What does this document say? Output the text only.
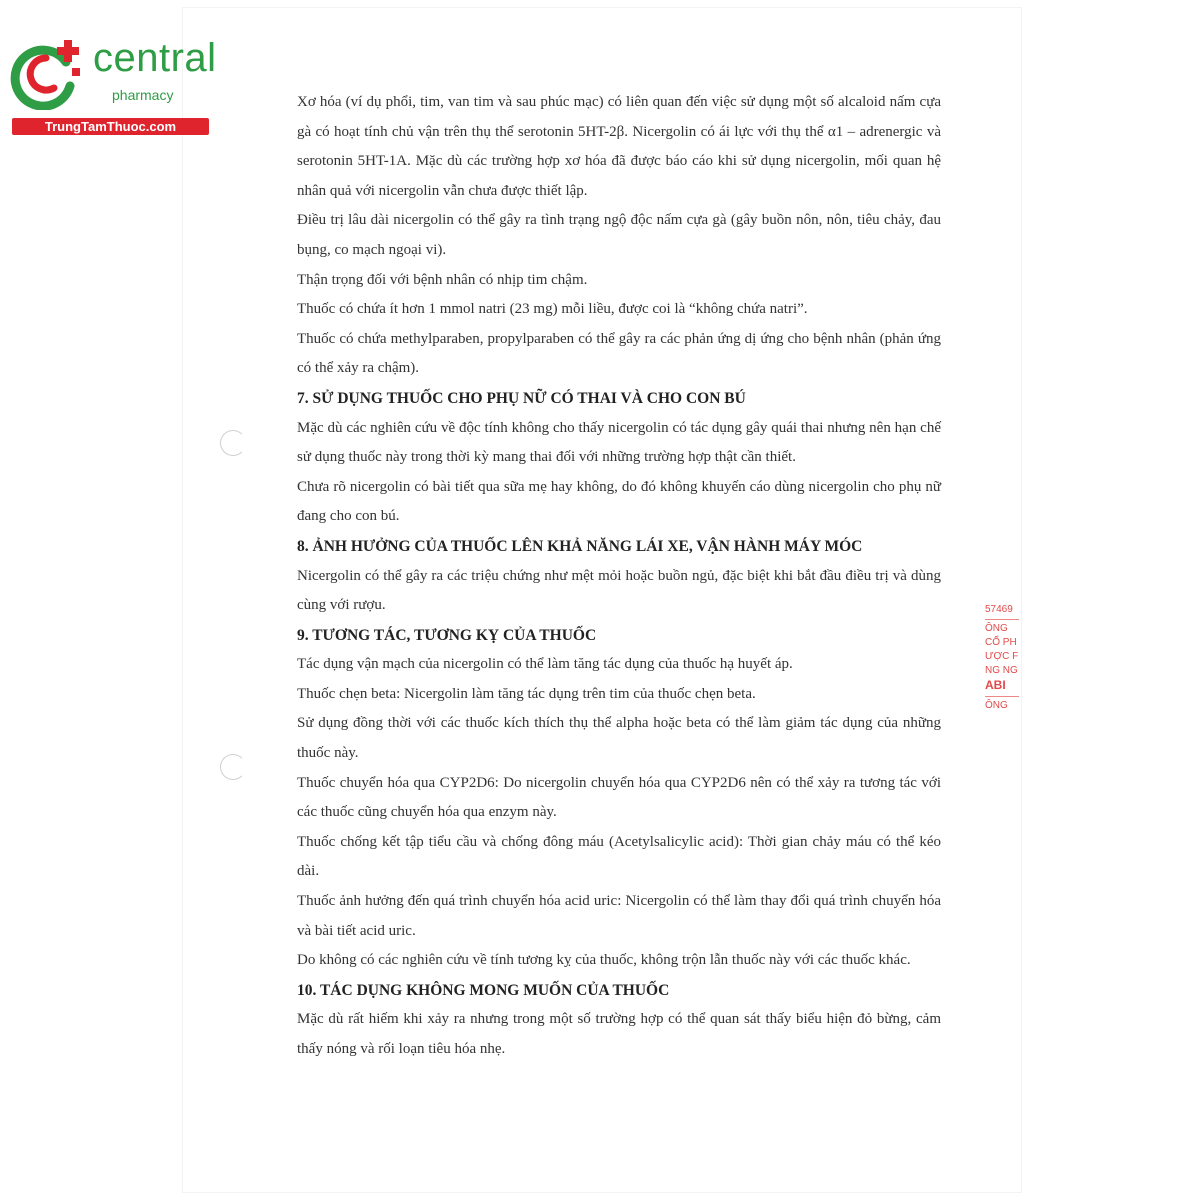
central
pharmacy
TrungTamThuoc.com
57469
ÔNG
CỔ PH
ƯỢC F
NG NG
ABI
ÔNG

Xơ hóa (ví dụ phổi, tim, van tim và sau phúc mạc) có liên quan đến việc sử dụng một số alcaloid nấm cựa gà có hoạt tính chủ vận trên thụ thể serotonin 5HT-2β. Nicergolin có ái lực với thụ thể α1 – adrenergic và serotonin 5HT-1A. Mặc dù các trường hợp xơ hóa đã được báo cáo khi sử dụng nicergolin, mối quan hệ nhân quả với nicergolin vẫn chưa được thiết lập.

Điều trị lâu dài nicergolin có thể gây ra tình trạng ngộ độc nấm cựa gà (gây buồn nôn, nôn, tiêu chảy, đau bụng, co mạch ngoại vi).

Thận trọng đối với bệnh nhân có nhịp tim chậm.

Thuốc có chứa ít hơn 1 mmol natri (23 mg) mỗi liều, được coi là “không chứa natri”.

Thuốc có chứa methylparaben, propylparaben có thể gây ra các phản ứng dị ứng cho bệnh nhân (phản ứng có thể xảy ra chậm).

7. SỬ DỤNG THUỐC CHO PHỤ NỮ CÓ THAI VÀ CHO CON BÚ

Mặc dù các nghiên cứu về độc tính không cho thấy nicergolin có tác dụng gây quái thai nhưng nên hạn chế sử dụng thuốc này trong thời kỳ mang thai đối với những trường hợp thật cần thiết.

Chưa rõ nicergolin có bài tiết qua sữa mẹ hay không, do đó không khuyến cáo dùng nicergolin cho phụ nữ đang cho con bú.

8. ẢNH HƯỞNG CỦA THUỐC LÊN KHẢ NĂNG LÁI XE, VẬN HÀNH MÁY MÓC

Nicergolin có thể gây ra các triệu chứng như mệt mỏi hoặc buồn ngủ, đặc biệt khi bắt đầu điều trị và dùng cùng với rượu.

9. TƯƠNG TÁC, TƯƠNG KỴ CỦA THUỐC

Tác dụng vận mạch của nicergolin có thể làm tăng tác dụng của thuốc hạ huyết áp.

Thuốc chẹn beta: Nicergolin làm tăng tác dụng trên tim của thuốc chẹn beta.

Sử dụng đồng thời với các thuốc kích thích thụ thể alpha hoặc beta có thể làm giảm tác dụng của những thuốc này.

Thuốc chuyển hóa qua CYP2D6: Do nicergolin chuyển hóa qua CYP2D6 nên có thể xảy ra tương tác với các thuốc cũng chuyển hóa qua enzym này.

Thuốc chống kết tập tiểu cầu và chống đông máu (Acetylsalicylic acid): Thời gian chảy máu có thể kéo dài.

Thuốc ảnh hưởng đến quá trình chuyển hóa acid uric: Nicergolin có thể làm thay đổi quá trình chuyển hóa và bài tiết acid uric.

Do không có các nghiên cứu về tính tương kỵ của thuốc, không trộn lẫn thuốc này với các thuốc khác.

10. TÁC DỤNG KHÔNG MONG MUỐN CỦA THUỐC

Mặc dù rất hiếm khi xảy ra nhưng trong một số trường hợp có thể quan sát thấy biểu hiện đỏ bừng, cảm thấy nóng và rối loạn tiêu hóa nhẹ.
